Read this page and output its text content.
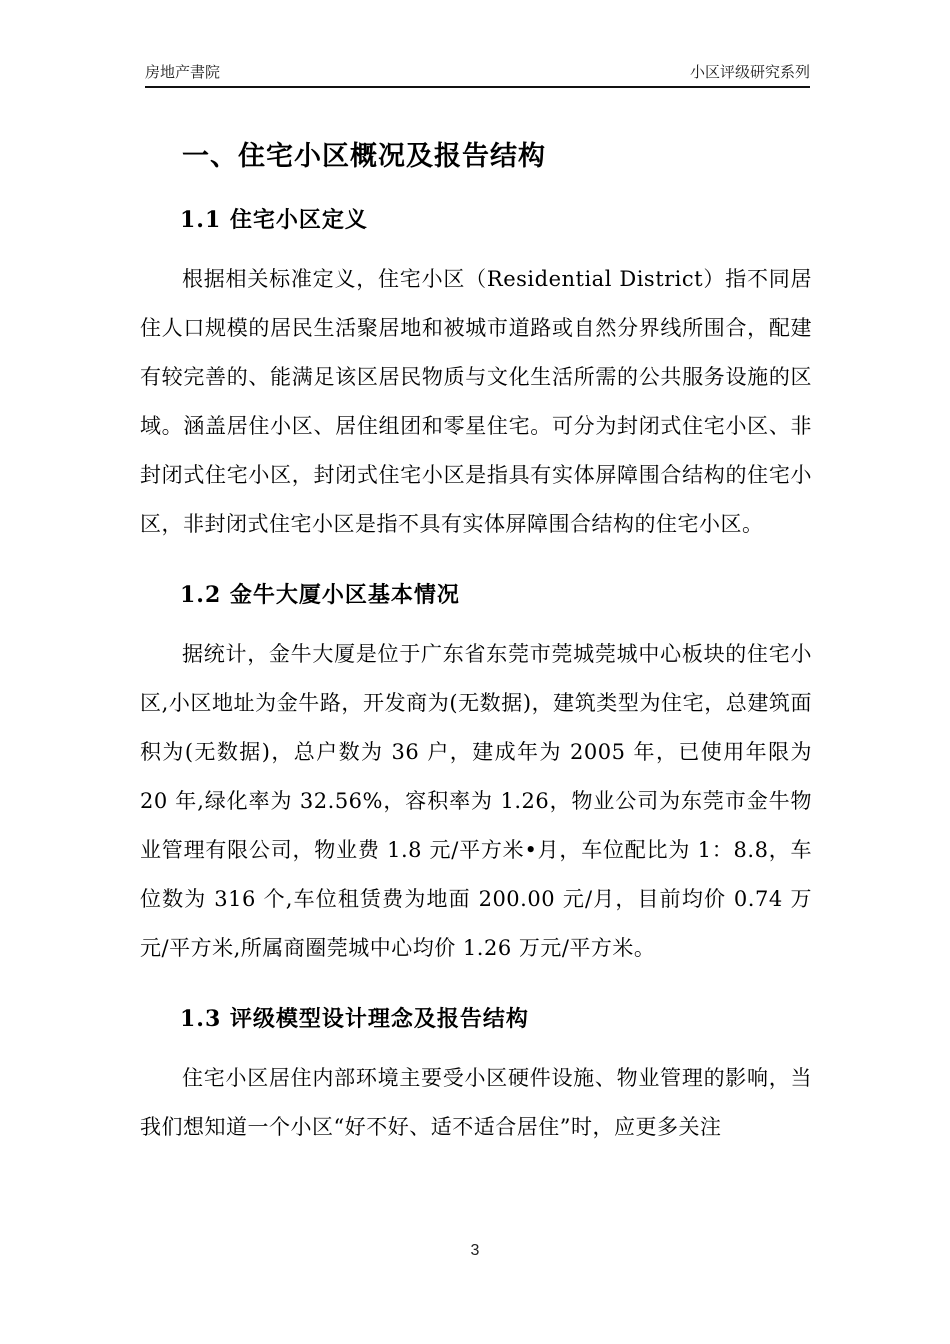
房地产書院	小区评级研究系列
一、住宅小区概况及报告结构
1.1 住宅小区定义

根据相关标准定义，住宅小区（Residential District）指不同居住人口规模的居民生活聚居地和被城市道路或自然分界线所围合，配建有较完善的、能满足该区居民物质与文化生活所需的公共服务设施的区域。涵盖居住小区、居住组团和零星住宅。可分为封闭式住宅小区、非封闭式住宅小区，封闭式住宅小区是指具有实体屏障围合结构的住宅小区，非封闭式住宅小区是指不具有实体屏障围合结构的住宅小区。

1.2 金牛大厦小区基本情况

据统计，金牛大厦是位于广东省东莞市莞城莞城中心板块的住宅小区,小区地址为金牛路，开发商为(无数据)，建筑类型为住宅，总建筑面积为(无数据)，总户数为 36 户，建成年为 2005 年，已使用年限为 20 年,绿化率为 32.56%，容积率为 1.26，物业公司为东莞市金牛物业管理有限公司，物业费 1.8 元/平方米•月，车位配比为 1：8.8，车位数为 316 个,车位租赁费为地面 200.00 元/月，目前均价 0.74 万元/平方米,所属商圈莞城中心均价 1.26 万元/平方米。

1.3 评级模型设计理念及报告结构

住宅小区居住内部环境主要受小区硬件设施、物业管理的影响，当我们想知道一个小区“好不好、适不适合居住”时，应更多关注

3
